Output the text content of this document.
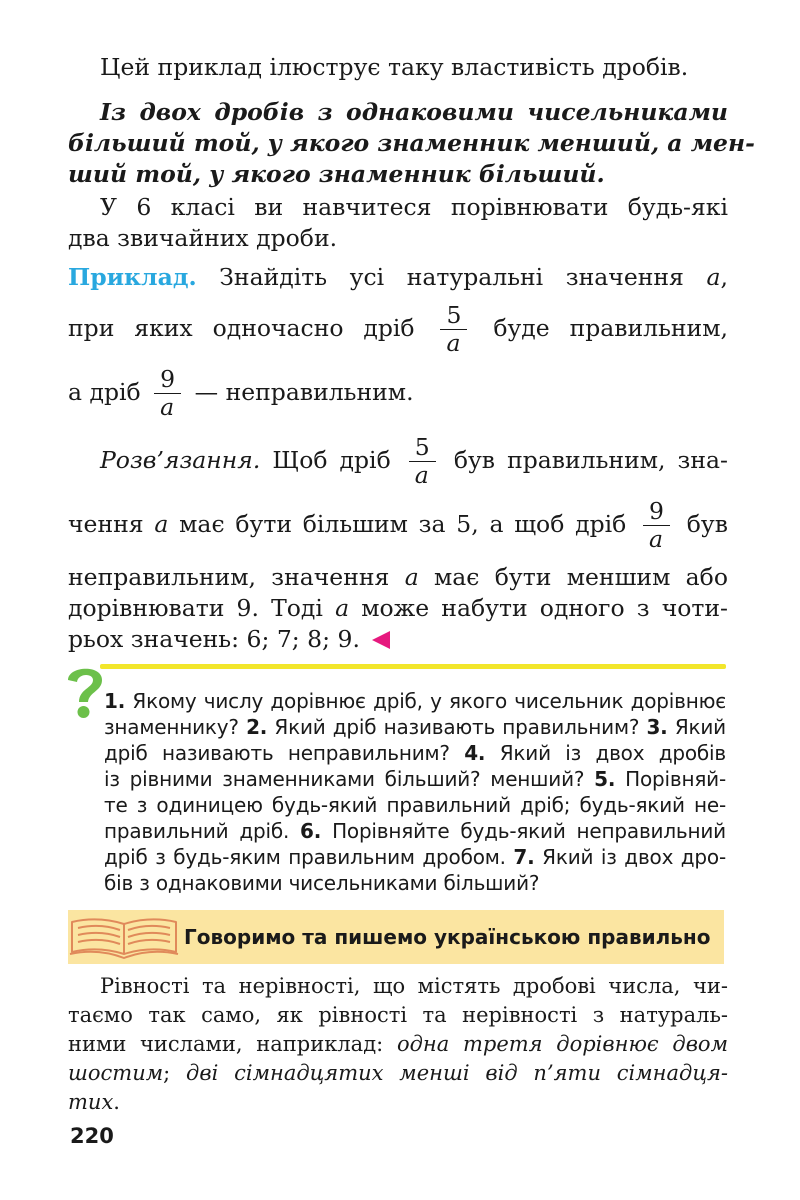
Цей приклад ілюструє таку властивість дробів.
Із двох дробів з однаковими чисельниками
більший той, у якого знаменник менший, а мен-
ший той, у якого знаменник більший.
У 6 класі ви навчитеся порівнювати будь-які
два звичайних дроби.
Приклад. Знайдіть усі натуральні значення a,
при яких одночасно дріб $\frac{5}{a}$ буде правильним,
а дріб $\frac{9}{a}$ — неправильним.
Розв’язання. Щоб дріб $\frac{5}{a}$ був правильним, зна-
чення a має бути більшим за 5, а щоб дріб $\frac{9}{a}$ був
неправильним, значення a має бути меншим або
дорівнювати 9. Тоді a може набути одного з чоти-
рьох значень: 6; 7; 8; 9.
1. Якому числу дорівнює дріб, у якого чисельник дорівнює
знаменнику? 2. Який дріб називають правильним? 3. Який
дріб називають неправильним? 4. Який із двох дробів
із рівними знаменниками більший? менший? 5. Порівняй-
те з одиницею будь-який правильний дріб; будь-який не-
правильний дріб. 6. Порівняйте будь-який неправильний
дріб з будь-яким правильним дробом. 7. Який із двох дро-
бів з однаковими чисельниками більший?
Говоримо та пишемо українською правильно
Рівності та нерівності, що містять дробові числа, чи-
таємо так само, як рівності та нерівності з натураль-
ними числами, наприклад: одна третя дорівнює двом
шостим; дві сімнадцятих менші від п’яти сімнадця-
тих.
220
